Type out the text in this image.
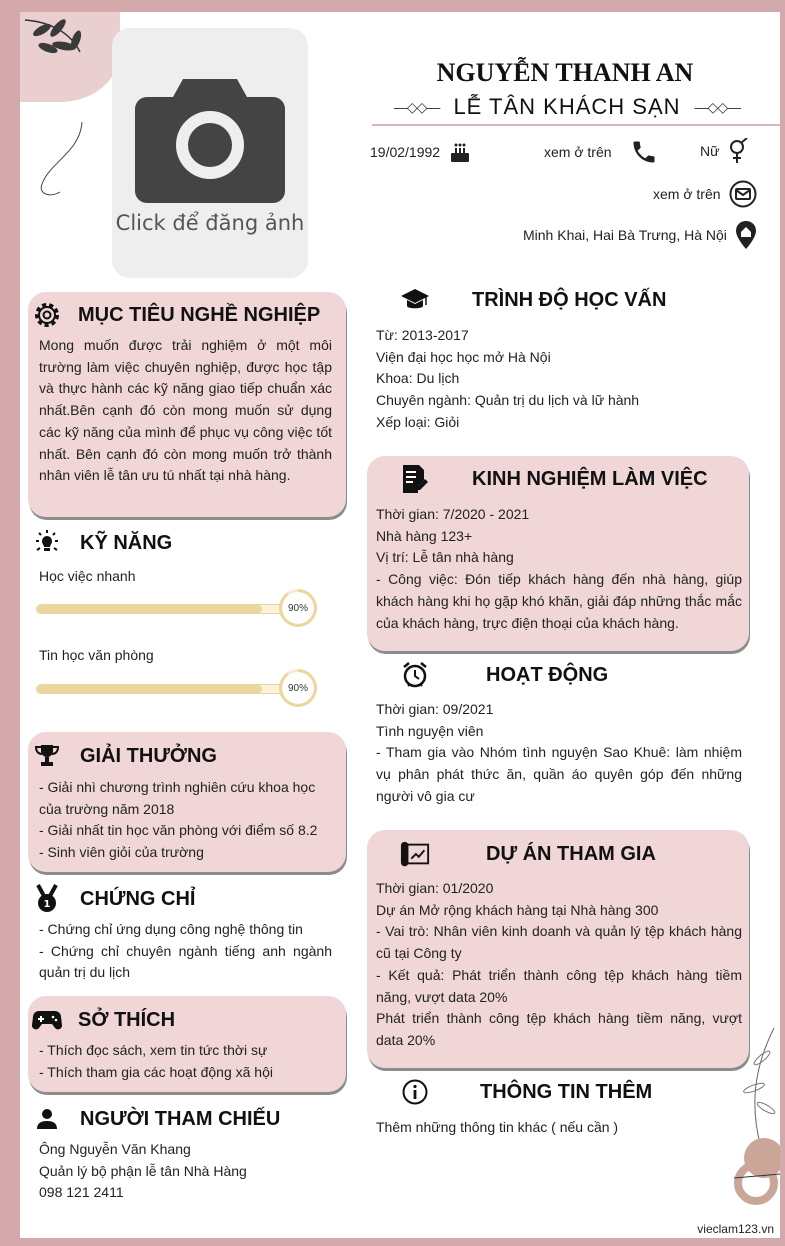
Click để đăng ảnh
NGUYỄN THANH AN
—◇◇— LỄ TÂN KHÁCH SẠN —◇◇—
19/02/1992	xem ở trên	Nữ
xem ở trên
Minh Khai, Hai Bà Trưng, Hà Nội
MỤC TIÊU NGHỀ NGHIỆP
Mong muốn được trải nghiệm ở một môi trường làm việc chuyên nghiệp, được học tập và thực hành các kỹ năng giao tiếp chuẩn xác nhất.Bên cạnh đó còn mong muốn sử dụng các kỹ năng của mình để phục vụ công việc tốt nhất. Bên cạnh đó còn mong muốn trở thành nhân viên lễ tân ưu tú nhất tại nhà hàng.
KỸ NĂNG
Học việc nhanh
90%
Tin học văn phòng
90%
GIẢI THƯỞNG

- Giải nhì chương trình nghiên cứu khoa học của trường năm 2018

- Giải nhất tin học văn phòng với điểm số 8.2

- Sinh viên giỏi của trường

1 CHỨNG CHỈ

- Chứng chỉ ứng dụng công nghệ thông tin

- Chứng chỉ chuyên ngành tiếng anh ngành quản trị du lịch

SỞ THÍCH

- Thích đọc sách, xem tin tức thời sự

- Thích tham gia các hoạt động xã hội

NGƯỜI THAM CHIẾU

Ông Nguyễn Văn Khang

Quản lý bộ phận lễ tân Nhà Hàng

098 121 2411

TRÌNH ĐỘ HỌC VẤN

Từ: 2013-2017

Viện đại học học mở Hà Nội

Khoa: Du lịch

Chuyên ngành: Quản trị du lịch và lữ hành

Xếp loại: Giỏi

KINH NGHIỆM LÀM VIỆC

Thời gian: 7/2020 - 2021

Nhà hàng 123+

Vị trí: Lễ tân nhà hàng

- Công việc: Đón tiếp khách hàng đến nhà hàng, giúp khách hàng khi họ gặp khó khăn, giải đáp những thắc mắc của khách hàng, trực điện thoại của khách hàng.

HOẠT ĐỘNG

Thời gian: 09/2021

Tình nguyện viên

- Tham gia vào Nhóm tình nguyện Sao Khuê: làm nhiệm vụ phân phát thức ăn, quần áo quyên góp đến những người vô gia cư

DỰ ÁN THAM GIA

Thời gian: 01/2020

Dự án Mở rộng khách hàng tại Nhà hàng 300

- Vai trò: Nhân viên kinh doanh và quản lý tệp khách hàng cũ tại Công ty

- Kết quả: Phát triển thành công tệp khách hàng tiềm năng, vượt data 20%

Phát triển thành công tệp khách hàng tiềm năng, vượt data 20%

THÔNG TIN THÊM
Thêm những thông tin khác ( nếu cần )
vieclam123.vn
